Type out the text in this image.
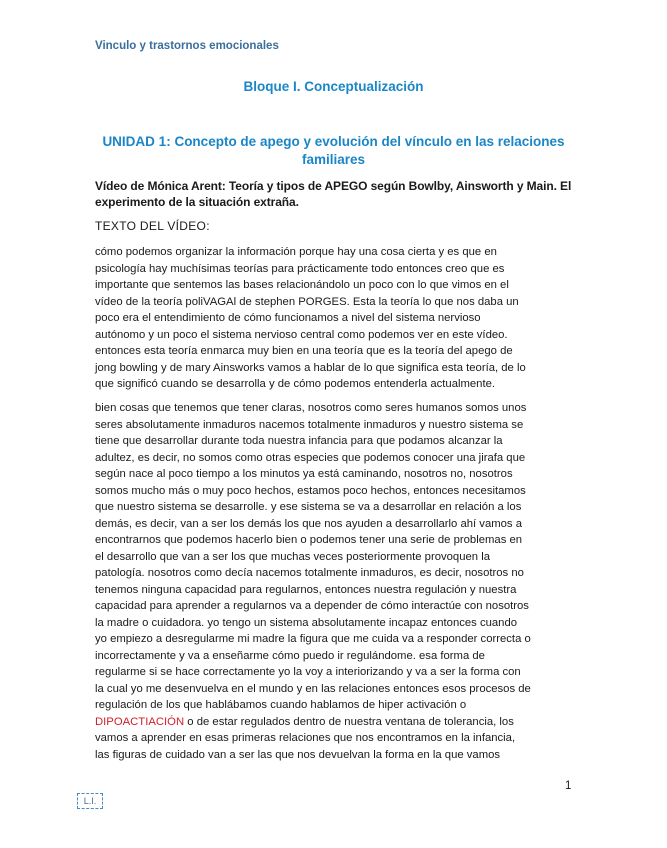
Vinculo y trastornos emocionales
Bloque I. Conceptualización
UNIDAD 1: Concepto de apego y evolución del vínculo en las relaciones familiares
Vídeo de Mónica Arent: Teoría y tipos de APEGO según Bowlby, Ainsworth y Main. El experimento de la situación extraña.
TEXTO DEL VÍDEO:
cómo podemos organizar la información porque hay una cosa cierta y es que en
psicología hay muchísimas teorías para prácticamente todo entonces creo que es
importante que sentemos las bases relacionándolo un poco con lo que vimos en el
vídeo de la teoría poliVAGAl de stephen PORGES. Esta la teoría lo que nos daba un
poco era el entendimiento de cómo funcionamos a nivel del sistema nervioso
autónomo y un poco el sistema nervioso central como podemos ver en este vídeo.
entonces esta teoría enmarca muy bien en una teoría que es la teoría del apego de
jong bowling y de mary Ainsworks vamos a hablar de lo que significa esta teoría, de lo
que significó cuando se desarrolla y de cómo podemos entenderla actualmente.
bien cosas que tenemos que tener claras, nosotros como seres humanos somos unos
seres absolutamente inmaduros nacemos totalmente inmaduros y nuestro sistema se
tiene que desarrollar durante toda nuestra infancia para que podamos alcanzar la
adultez, es decir, no somos como otras especies que podemos conocer una jirafa que
según nace al poco tiempo a los minutos ya está caminando, nosotros no, nosotros
somos mucho más o muy poco hechos, estamos poco hechos, entonces necesitamos
que nuestro sistema se desarrolle. y ese sistema se va a desarrollar en relación a los
demás, es decir, van a ser los demás los que nos ayuden a desarrollarlo ahí vamos a
encontrarnos que podemos hacerlo bien o podemos tener una serie de problemas en
el desarrollo que van a ser los que muchas veces posteriormente provoquen la
patología. nosotros como decía nacemos totalmente inmaduros, es decir, nosotros no
tenemos ninguna capacidad para regularnos, entonces nuestra regulación y nuestra
capacidad para aprender a regularnos va a depender de cómo interactúe con nosotros
la madre o cuidadora. yo tengo un sistema absolutamente incapaz entonces cuando
yo empiezo a desregularme mi madre la figura que me cuida va a responder correcta o
incorrectamente y va a enseñarme cómo puedo ir regulándome. esa forma de
regularme si se hace correctamente yo la voy a interiorizando y va a ser la forma con
la cual yo me desenvuelva en el mundo y en las relaciones entonces esos procesos de
regulación de los que hablábamos cuando hablamos de hiper activación o
DIPOACTIACIÓN o de estar regulados dentro de nuestra ventana de tolerancia, los
vamos a aprender en esas primeras relaciones que nos encontramos en la infancia,
las figuras de cuidado van a ser las que nos devuelvan la forma en la que vamos
1
L.I.
